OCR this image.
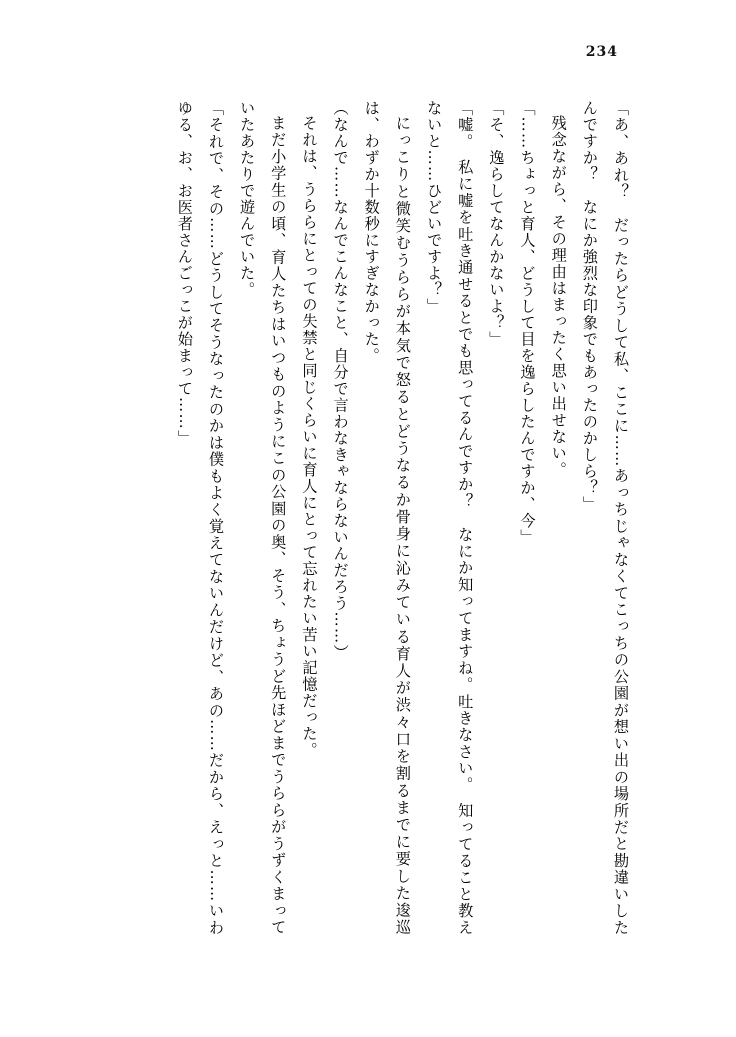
234

「あ、あれ？　だったらどうして私、ここに……あっちじゃなくてこっちの公園が想い出の場所だと勘違いしたんですか？　なにか強烈な印象でもあったのかしら？」

残念ながら、その理由はまったく思い出せない。

「……ちょっと育人、どうして目を逸らしたんですか、今」

「そ、逸らしてなんかないよ？」

「嘘。　私に嘘を吐き通せるとでも思ってるんですか？　なにか知ってますね。吐きなさい。　知ってること教えないと……ひどいですよ？」

にっこりと微笑むうららが本気で怒るとどうなるか骨身に沁みている育人が渋々口を割るまでに要した逡巡は、わずか十数秒にすぎなかった。

（なんで……なんでこんなこと、自分で言わなきゃならないんだろう……）

それは、うららにとっての失禁と同じくらいに育人にとって忘れたい苦い記憶だった。

まだ小学生の頃、育人たちはいつものようにこの公園の奥、そう、ちょうど先ほどまでうららがうずくまっていたあたりで遊んでいた。

「それで、その……どうしてそうなったのかは僕もよく覚えてないんだけど、あの……だから、えっと……いわゆる、お、お医者さんごっこが始まって……」
